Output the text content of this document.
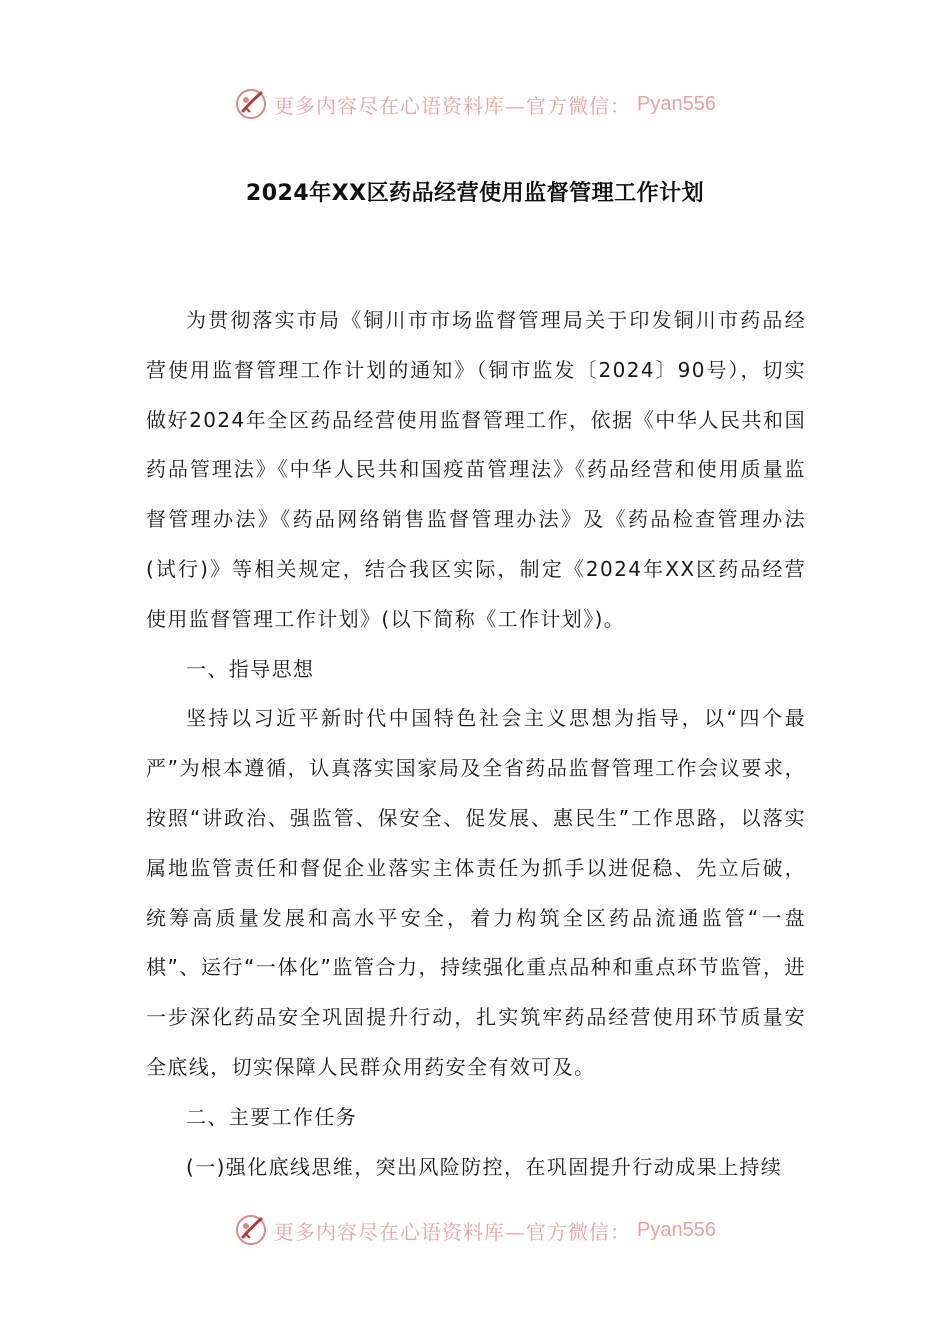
更多内容尽在心语资料库—官方微信： Pyan556
2024年XX区药品经营使用监督管理工作计划

为贯彻落实市局《铜川市市场监督管理局关于印发铜川市药品经营使用监督管理工作计划的通知》（铜市监发〔2024〕90号），切实做好2024年全区药品经营使用监督管理工作，依据《中华人民共和国药品管理法》《中华人民共和国疫苗管理法》《药品经营和使用质量监督管理办法》《药品网络销售监督管理办法》及《药品检查管理办法(试行)》等相关规定，结合我区实际，制定《2024年XX区药品经营使用监督管理工作计划》(以下简称《工作计划》)。

一、指导思想

坚持以习近平新时代中国特色社会主义思想为指导，以“四个最严”为根本遵循，认真落实国家局及全省药品监督管理工作会议要求，按照“讲政治、强监管、保安全、促发展、惠民生”工作思路，以落实属地监管责任和督促企业落实主体责任为抓手以进促稳、先立后破，统筹高质量发展和高水平安全，着力构筑全区药品流通监管“一盘棋”、运行“一体化”监管合力，持续强化重点品种和重点环节监管，进一步深化药品安全巩固提升行动，扎实筑牢药品经营使用环节质量安全底线，切实保障人民群众用药安全有效可及。

二、主要工作任务

(一)强化底线思维，突出风险防控，在巩固提升行动成果上持续

更多内容尽在心语资料库—官方微信： Pyan556
